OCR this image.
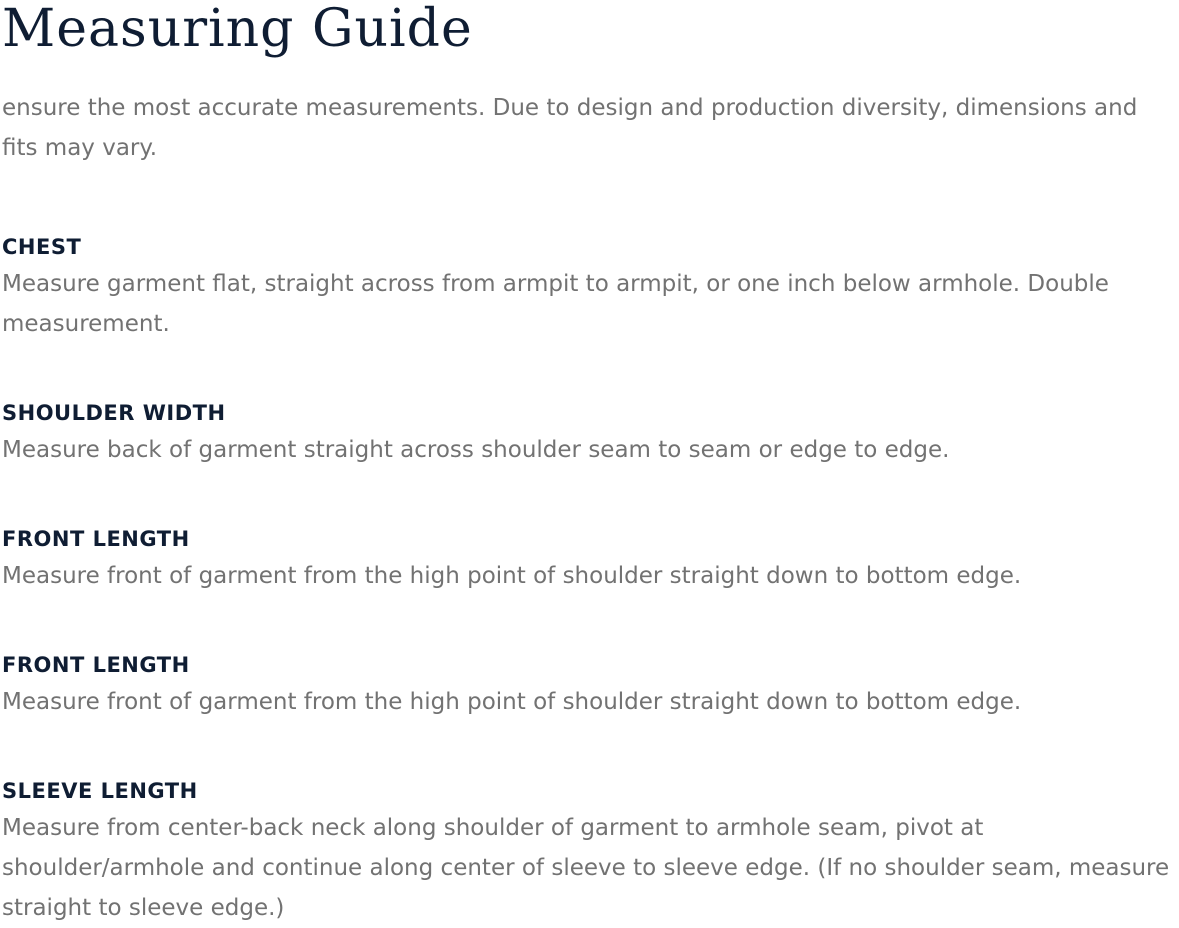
Measuring Guide

ensure the most accurate measurements. Due to design and production diversity, dimensions and fits may vary.

CHEST

Measure garment flat, straight across from armpit to armpit, or one inch below armhole. Double measurement.

SHOULDER WIDTH

Measure back of garment straight across shoulder seam to seam or edge to edge.

FRONT LENGTH

Measure front of garment from the high point of shoulder straight down to bottom edge.

FRONT LENGTH

Measure front of garment from the high point of shoulder straight down to bottom edge.

SLEEVE LENGTH

Measure from center-back neck along shoulder of garment to armhole seam, pivot at shoulder/armhole and continue along center of sleeve to sleeve edge. (If no shoulder seam, measure straight to sleeve edge.)
